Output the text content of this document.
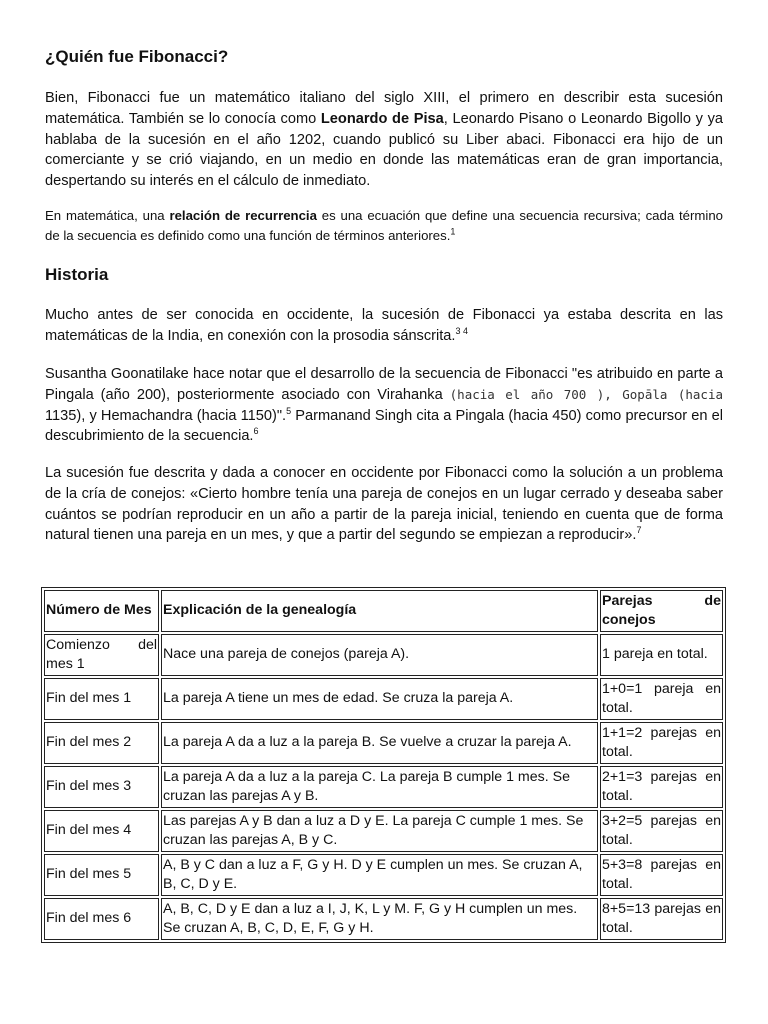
¿Quién fue Fibonacci?

Bien, Fibonacci fue un matemático italiano del siglo XIII, el primero en describir esta sucesión matemática. También se lo conocía como Leonardo de Pisa, Leonardo Pisano o Leonardo Bigollo y ya hablaba de la sucesión en el año 1202, cuando publicó su Liber abaci. Fibonacci era hijo de un comerciante y se crió viajando, en un medio en donde las matemáticas eran de gran importancia, despertando su interés en el cálculo de inmediato.

En matemática, una relación de recurrencia es una ecuación que define una secuencia recursiva; cada término de la secuencia es definido como una función de términos anteriores.$^1$

Historia

Mucho antes de ser conocida en occidente, la sucesión de Fibonacci ya estaba descrita en las matemáticas de la India, en conexión con la prosodia sánscrita.$^{3 4}$

Susantha Goonatilake hace notar que el desarrollo de la secuencia de Fibonacci "es atribuido en parte a Pingala (año 200), posteriormente asociado con Virahanka (hacia el año 700 ), Gopāla (hacia 1135), y Hemachandra (hacia 1150)".$^5$ Parmanand Singh cita a Pingala (hacia 450) como precursor en el descubrimiento de la secuencia.$^6$

La sucesión fue descrita y dada a conocer en occidente por Fibonacci como la solución a un problema de la cría de conejos: «Cierto hombre tenía una pareja de conejos en un lugar cerrado y deseaba saber cuántos se podrían reproducir en un año a partir de la pareja inicial, teniendo en cuenta que de forma natural tienen una pareja en un mes, y que a partir del segundo se empiezan a reproducir».$^7$

Número de Mes	Explicación de la genealogía	Parejas de conejos
Comienzo del mes 1	Nace una pareja de conejos (pareja A).	1 pareja en total.
Fin del mes 1	La pareja A tiene un mes de edad. Se cruza la pareja A.	1+0=1 pareja en total.
Fin del mes 2	La pareja A da a luz a la pareja B. Se vuelve a cruzar la pareja A.	1+1=2 parejas en total.
Fin del mes 3	La pareja A da a luz a la pareja C. La pareja B cumple 1 mes. Se cruzan las parejas A y B.	2+1=3 parejas en total.
Fin del mes 4	Las parejas A y B dan a luz a D y E. La pareja C cumple 1 mes. Se cruzan las parejas A, B y C.	3+2=5 parejas en total.
Fin del mes 5	A, B y C dan a luz a F, G y H. D y E cumplen un mes. Se cruzan A, B, C, D y E.	5+3=8 parejas en total.
Fin del mes 6	A, B, C, D y E dan a luz a I, J, K, L y M. F, G y H cumplen un mes. Se cruzan A, B, C, D, E, F, G y H.	8+5=13 parejas en total.
